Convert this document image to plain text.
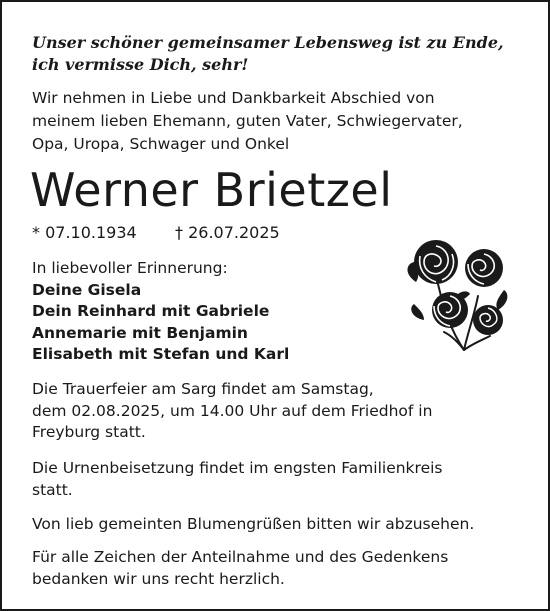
Unser schöner gemeinsamer Lebensweg ist zu Ende,
ich vermisse Dich, sehr!

Wir nehmen in Liebe und Dankbarkeit Abschied von
meinem lieben Ehemann, guten Vater, Schwiegervater,
Opa, Uropa, Schwager und Onkel

Werner Brietzel
* 07.10.1934 † 26.07.2025
In liebevoller Erinnerung:
Deine Gisela
Dein Reinhard mit Gabriele
Annemarie mit Benjamin
Elisabeth mit Stefan und Karl
Die Trauerfeier am Sarg findet am Samstag,
dem 02.08.2025, um 14.00 Uhr auf dem Friedhof in
Freyburg statt.
Die Urnenbeisetzung findet im engsten Familienkreis
statt.
Von lieb gemeinten Blumengrüßen bitten wir abzusehen.
Für alle Zeichen der Anteilnahme und des Gedenkens
bedanken wir uns recht herzlich.
